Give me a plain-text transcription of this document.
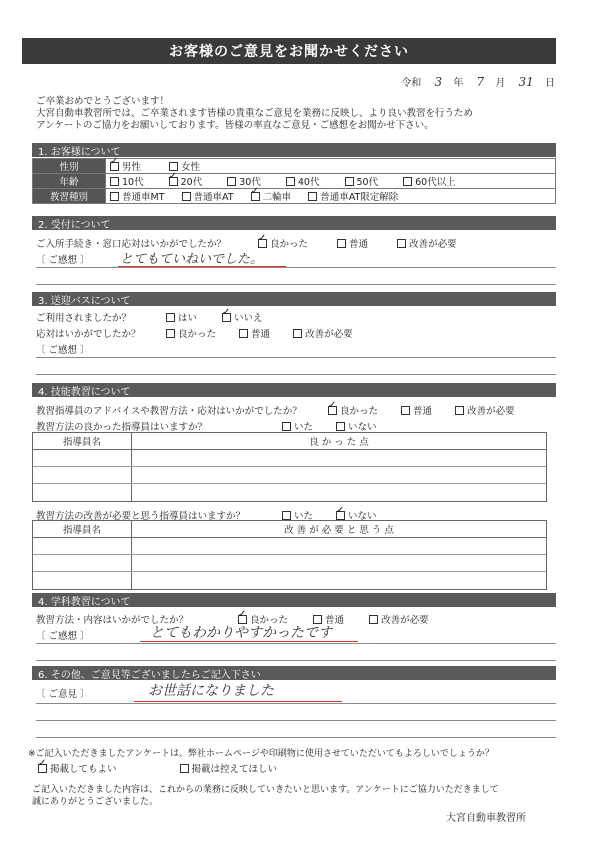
お客様のご意見をお聞かせください
令和 3 年 7 月 31 日
ご卒業おめでとうございます！
大宮自動車教習所では、ご卒業されます皆様の貴重なご意見を業務に反映し、より良い教習を行うため
アンケートのご協力をお願いしております。皆様の率直なご意見・ご感想をお聞かせ下さい。
1. お客様について
性別	✓男性 女性
年齢	10代 ✓ 20代 30代 40代 50代 60代以上
教習種別	普通車MT 普通車AT ✓ 二輪車 普通車AT限定解除
2. 受付について
ご入所手続き・窓口応対はいかがでしたか？ ✓	良かった	普通	改善が必要
〔 ご感想 〕 とてもていねいでした。
3. 送迎バスについて
ご利用されましたか？	はい ✓	いいえ
応対はいかがでしたか？	良かった	普通	改善が必要
〔 ご感想 〕
4. 技能教習について
教習指導員のアドバイスや教習方法・応対はいかがでしたか？ ✓	良かった	普通	改善が必要
教習方法の良かった指導員はいますか？	いた	いない
指導員名	良 か っ た 点
教習方法の改善が必要と思う指導員はいますか？	いた ✓	いない
指導員名	改 善 が 必 要 と 思 う 点
4. 学科教習について
教習方法・内容はいかがでしたか？ ✓	良かった	普通	改善が必要
〔 ご感想 〕	とてもわかりやすかったです
6. その他、ご意見等ございましたらご記入下さい
〔 ご意見 〕	お世話になりました
※ご記入いただきましたアンケートは、弊社ホームページや印刷物に使用させていただいてもよろしいでしょうか？
✓掲載してもよい	掲載は控えてほしい
ご記入いただきました内容は、これからの業務に反映していきたいと思います。アンケートにご協力いただきまして
誠にありがとうございました。
大宮自動車教習所
